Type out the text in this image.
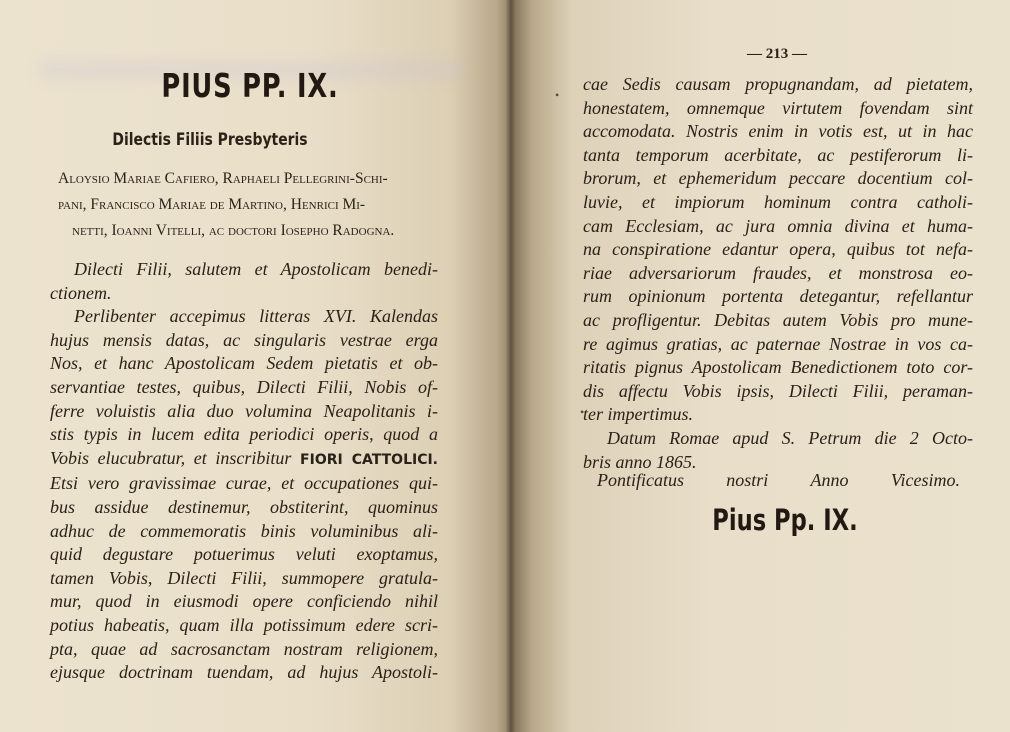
PIUS PP. IX.
Dilectis Filiis Presbyteris
Aloysio Mariae Cafiero, Raphaeli Pellegrini-Schi-
pani, Francisco Mariae de Martino, Henrici Mi-
netti, Ioanni Vitelli, ac doctori Iosepho Radogna.
Dilecti Filii, salutem et Apostolicam benedi-
ctionem.
Perlibenter accepimus litteras XVI. Kalendas
hujus mensis datas, ac singularis vestrae erga
Nos, et hanc Apostolicam Sedem pietatis et ob-
servantiae testes, quibus, Dilecti Filii, Nobis of-
ferre voluistis alia duo volumina Neapolitanis i-
stis typis in lucem edita periodici operis, quod a
Vobis elucubratur, et inscribitur FIORI CATTOLICI.
Etsi vero gravissimae curae, et occupationes qui-
bus assidue destinemur, obstiterint, quominus
adhuc de commemoratis binis voluminibus ali-
quid degustare potuerimus veluti exoptamus,
tamen Vobis, Dilecti Filii, summopere gratula-
mur, quod in eiusmodi opere conficiendo nihil
potius habeatis, quam illa potissimum edere scri-
pta, quae ad sacrosanctam nostram religionem,
ejusque doctrinam tuendam, ad hujus Apostoli-
— 213 —
cae Sedis causam propugnandam, ad pietatem,
honestatem, omnemque virtutem fovendam sint
accomodata. Nostris enim in votis est, ut in hac
tanta temporum acerbitate, ac pestiferorum li-
brorum, et ephemeridum peccare docentium col-
luvie, et impiorum hominum contra catholi-
cam Ecclesiam, ac jura omnia divina et huma-
na conspiratione edantur opera, quibus tot nefa-
riae adversariorum fraudes, et monstrosa eo-
rum opinionum portenta detegantur, refellantur
ac profligentur. Debitas autem Vobis pro mune-
re agimus gratias, ac paternae Nostrae in vos ca-
ritatis pignus Apostolicam Benedictionem toto cor-
dis affectu Vobis ipsis, Dilecti Filii, peraman-
ter impertimus.
Datum Romae apud S. Petrum die 2 Octo-
bris anno 1865.
Pontificatus nostri Anno Vicesimo.
Pius Pp. IX.
•
•
